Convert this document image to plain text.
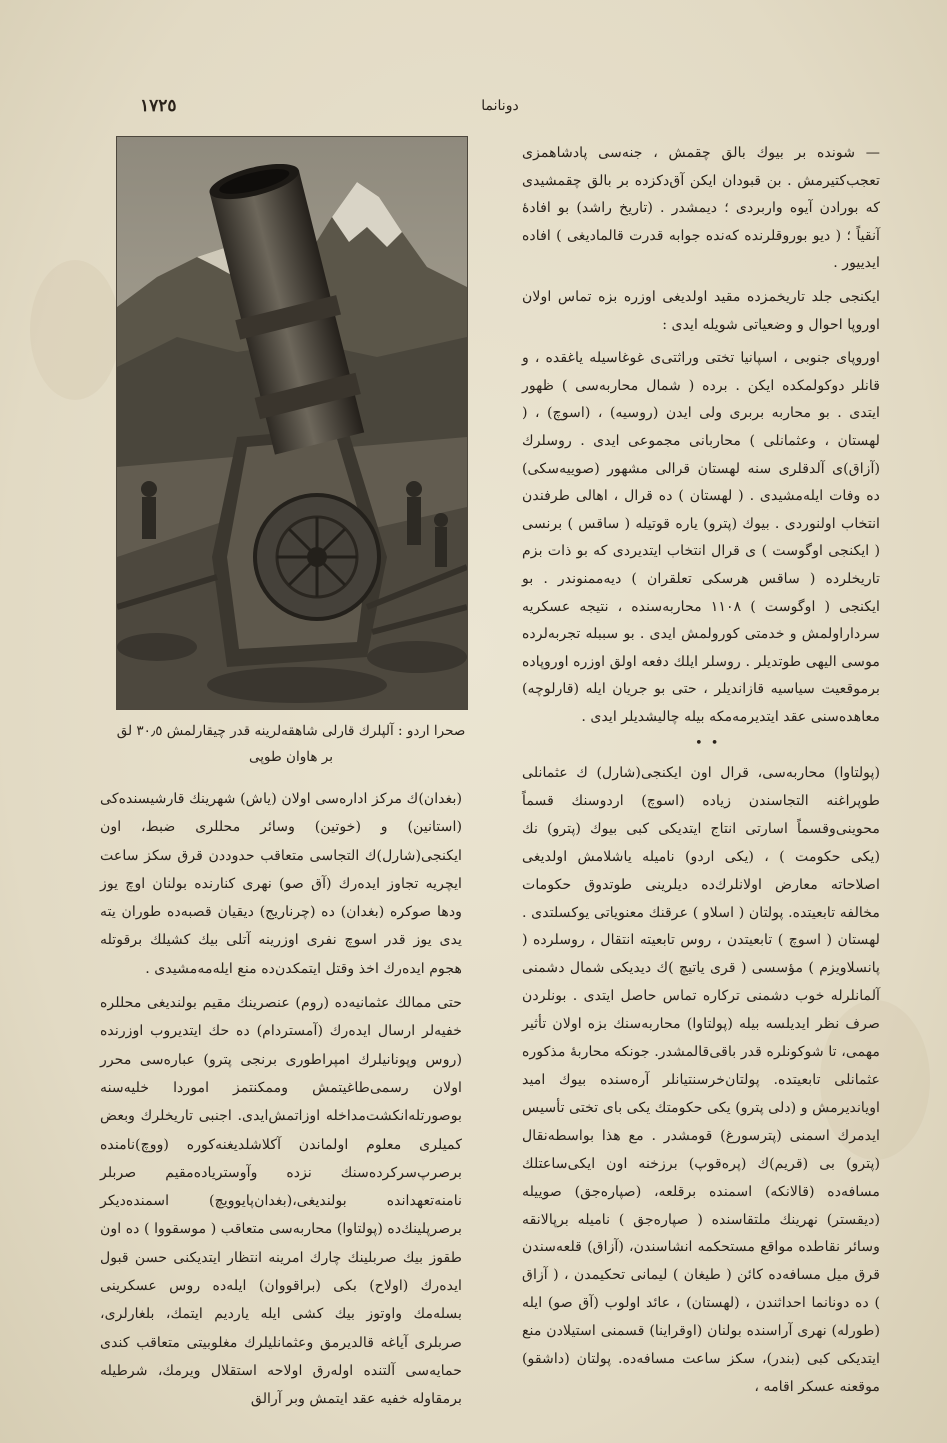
١٧٢٥	دونانما
صحرا اردو : آلپلرك قارلی شاهقه‌لرینه قدر چیقارلمش ٣٠٫٥ لق
بر هاوان طوپی

— شونده بر بیوك بالق چقمش ، جنه‌سی پادشاهمزی تعجب‌کتیرمش . بن قبودان ایکن آق‌دکزده بر بالق چقمشیدی که بورادن آیوه واربردی ؛ دیمشدر . (تاریخ راشد) بو افادهٔ آنقیاً ؛ ( دیو بوروقلرنده که‌نده جوابه قدرت قالمادیغی ) افاده ایدییور .

ایکنجی جلد تاریخمزده مقید اولدیغی اوزره بزه تماس اولان اوروپا احوال و وضعیاتی شویله ایدی :

اوروپای جنوبی ، اسپانیا تختی وراثتی‌ی غوغاسیله یاغقده ، و قانلر دوکولمکده ایکن . برده ( شمال محاربه‌سی ) ظهور ایتدی . بو محاربه بربری ولی ایدن (روسیه) ، (اسوچ) ، ( لهستان ، وعثمانلی ) محاربانی مجموعی ایدی . روسلرك (آزاق)ی آلدقلری سنه لهستان قرالی مشهور (صوییه‌سکی) ده وفات ایله‌مشیدی . ( لهستان ) ده قرال ، اهالی طرفندن انتخاب اولنوردی . بیوك (پترو) یاره قوتیله ( ساقس ) برنسی ( ایکنجی اوگوست ) ی قرال انتخاب ایتدیردی که بو ذات بزم تاریخلرده ( ساقس هرسکی تعلقران ) دیه‌ممنوندر . بو ایکنجی ( اوگوست ) ١١٠٨ محاربه‌سنده ، نتیجه عسکریه سرداراولمش و خدمتی کورولمش ایدی . بو سببله تجربه‌لرده موسی الیهی طوتدیلر . روسلر ایلك دفعه اولق اوزره اوروپاده برموقعیت سیاسیه قازاندیلر ، حتی بو جریان ایله (قارلوچه) معاهده‌سنی عقد ایتدیرمه‌مکه بیله چالیشدیلر ایدی .

• •

(پولتاوا) محاربه‌سی، قرال اون ایکنجی(شارل) ك عثمانلی طوپراغنه التجاسندن زیاده (اسوچ) اردوسنك قسماً محوینی‌وقسماً اسارتی انتاج ایتدیکی کبی بیوك (پترو) نك (یکی حکومت ) ، (یکی اردو) نامیله یاشلامش اولدیغی اصلاحاته معارض اولانلرك‌ده دیلرینی طوتدوق حکومات مخالفه تابعیتده. پولتان ( اسلاو ) عرقنك معنویاتی یوکسلتدی . لهستان ( اسوچ ) تابعیتدن ، روس تابعیته انتقال ، روسلرده ( پانسلاویزم ) مؤسسی ( قری یاتیچ )ك دیدیکی شمال دشمنی آلمانلرله خوب دشمنی ترکاره تماس حاصل ایتدی . بونلردن صرف نظر ایدیلسه بیله (پولتاوا) محاربه‌سنك بزه اولان تأثیر مهمی، تا شوکونلره قدر باقی‌قالمشدر. جونکه محاربهٔ مذکوره عثمانلی تابعیتده. پولتان‌خرسنتیانلر آره‌سنده بیوك امید اویاندیرمش و (دلی پترو) یکی حکومتك یکی بای تختی تأسیس ایدمرك اسمنی (پترسورغ) قومشدر . مع هذا بواسطه‌نقال (پترو) بی (قریم)ك (پره‌قوپ) برزخنه اون ایکی‌ساعتلك مسافه‌ده (قالانکه) اسمنده برقلعه، (صپاره‌جق) صوییله (دیقستر) نهرینك ملتقاسنده ( صپاره‌جق ) نامیله برپالانقه وسائر نقاطده مواقع مستحکمه انشاسندن، (آزاق) قلعه‌سندن قرق میل مسافه‌ده کائن ( طیغان ) لیمانی تحکیمدن ، ( آزاق ) ده دونانما احداثندن ، (لهستان) ، عائد اولوب (آق صو) ایله (طورله) نهری آراسنده بولنان (اوقراینا) قسمنی استیلادن منع ایتدیکی کبی (بندر)، سکز ساعت مسافه‌ده. پولتان (داشقو) موقعنه عسکر اقامه ،

(بغدان)ك مرکز اداره‌سی اولان (یاش) شهرینك قارشیسنده‌کی (استانین) و (خوتین) وسائر محللری ضبط، اون ایکنجی(شارل)ك التجاسی متعاقب حدوددن قرق سکز ساعت ایچریه تجاوز ایده‌رك (آق صو) نهری کنارنده بولنان اوچ یوز ودها صوکره (بغدان) ده (چرناریج) دیقیان قصبه‌ده طوران یته یدی یوز قدر اسوچ نفری اوزرینه آتلی بیك کشیلك برقوتله هجوم ایده‌رك اخذ وقتل ایتمکدن‌ده منع ایله‌مه‌مشیدی .

حتی ممالك عثمانیه‌ده (روم) عنصرینك مقیم بولندیغی محللره خفیه‌لر ارسال ایده‌رك (آمستردام) ده حك ایتدیروب اوزرنده (روس وپونانیلرك امپراطوری برنجی پترو) عباره‌سی محرر اولان رسمی‌طاغیتمش وممکنتمز اموردا خلیه‌سنه بوصورتله‌انکشت‌مداخله اوزاتمش‌ایدی. اجنبی تاریخلرك وبعض کمیلری معلوم اولماندن آکلاشلدیغنه‌کوره (ووچ)نامنده برصرپ‌سرکرده‌سنك نزده وآوستریاده‌مقیم صربلر نامنه‌تعهدانده بولندیغی،(بغدان‌پایوویچ) اسمنده‌دیکر برصرپلینك‌ده (پولتاوا) محاربه‌سی متعاقب ( موسقووا ) ده اون طقوز بیك صربلینك چارك امرینه انتظار ایتدیکنی حسن قبول ایده‌رك (اولاح) بکی (براقووان) ایله‌ده روس عسکرینی بسله‌مك واوتوز بیك کشی ایله یاردیم ایتمك، بلغارلری، صربلری آیاغه قالدیرمق وعثمانلیلرك مغلوبیتی متعاقب کندی حمایه‌سی آلتنده اوله‌رق اولاحه استقلال ویرمك، شرطیله برمقاوله خفیه عقد ایتمش وبر آرالق
